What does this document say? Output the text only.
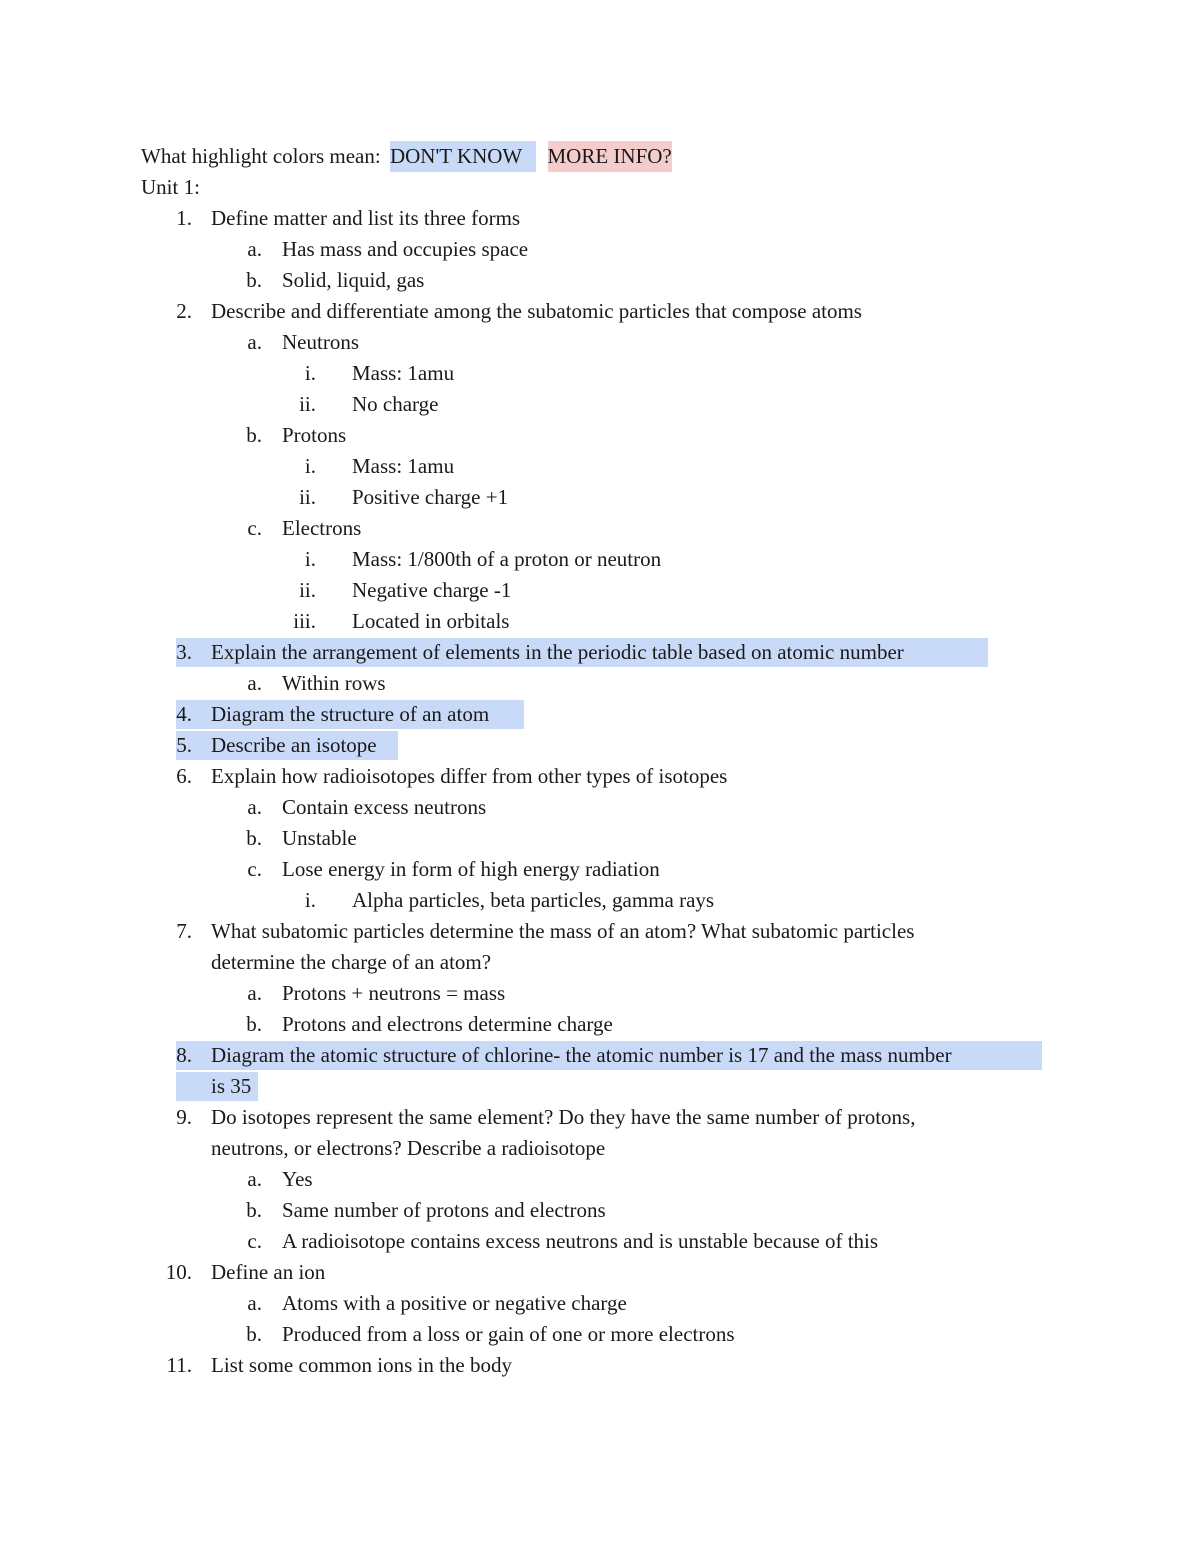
What highlight colors mean: DON'T KNOW MORE INFO?
Unit 1:
1. Define matter and list its three forms
a. Has mass and occupies space
b. Solid, liquid, gas
2. Describe and differentiate among the subatomic particles that compose atoms
a. Neutrons
i. Mass: 1amu
ii. No charge
b. Protons
i. Mass: 1amu
ii. Positive charge +1
c. Electrons
i. Mass: 1/800th of a proton or neutron
ii. Negative charge -1
iii. Located in orbitals
3. Explain the arrangement of elements in the periodic table based on atomic number
a. Within rows
4. Diagram the structure of an atom
5. Describe an isotope
6. Explain how radioisotopes differ from other types of isotopes
a. Contain excess neutrons
b. Unstable
c. Lose energy in form of high energy radiation
i. Alpha particles, beta particles, gamma rays
7. What subatomic particles determine the mass of an atom? What subatomic particles
determine the charge of an atom?
a. Protons + neutrons = mass
b. Protons and electrons determine charge
8. Diagram the atomic structure of chlorine- the atomic number is 17 and the mass number
is 35
9. Do isotopes represent the same element? Do they have the same number of protons,
neutrons, or electrons? Describe a radioisotope
a. Yes
b. Same number of protons and electrons
c. A radioisotope contains excess neutrons and is unstable because of this
10. Define an ion
a. Atoms with a positive or negative charge
b. Produced from a loss or gain of one or more electrons
11. List some common ions in the body
